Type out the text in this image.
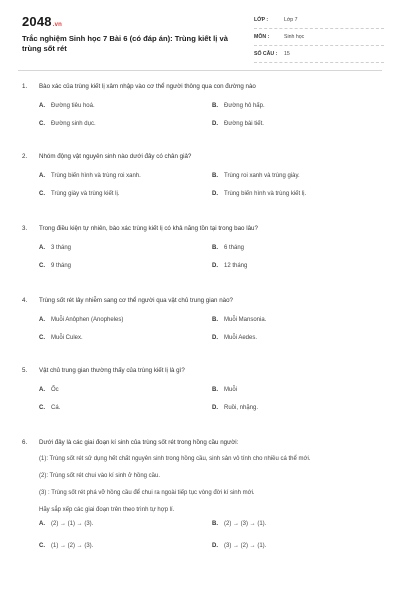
2048.vn
Trắc nghiệm Sinh học 7 Bài 6 (có đáp án): Trùng kiết lị và trùng sốt rét
LỚP :	Lớp 7
MÔN :	Sinh học
SỐ CÂU : 15
1.	Bào xác của trùng kiết lị xâm nhập vào cơ thể người thông qua con đường nào
A. Đường tiêu hoá.	B. Đường hô hấp.
C. Đường sinh dục.	D. Đường bài tiết.
2.	Nhóm động vật nguyên sinh nào dưới đây có chân giả?
A. Trùng biến hình và trùng roi xanh.	B. Trùng roi xanh và trùng giày.
C. Trùng giày và trùng kiết lị.	D. Trùng biến hình và trùng kiết lị.
3.	Trong điều kiện tự nhiên, bào xác trùng kiết lị có khả năng tồn tại trong bao lâu?
A. 3 tháng	B. 6 tháng
C. 9 tháng	D. 12 tháng
4.	Trùng sốt rét lây nhiễm sang cơ thể người qua vật chủ trung gian nào?
A. Muỗi Anôphen (Anopheles)	B. Muỗi Mansonia.
C. Muỗi Culex.	D. Muỗi Aedes.
5.	Vật chủ trung gian thường thấy của trùng kiết lị là gì?
A. Ốc	B. Muỗi
C. Cá.	D. Ruồi, nhặng.
6.	Dưới đây là các giai đoạn kí sinh của trùng sốt rét trong hồng cầu người:
(1): Trùng sốt rét sử dụng hết chất nguyên sinh trong hồng cầu, sinh sản vô tính cho nhiều cá thể mới.
(2): Trùng sốt rét chui vào kí sinh ở hồng cầu.
(3) : Trùng sốt rét phá vỡ hồng cầu để chui ra ngoài tiếp tục vòng đời kí sinh mới.
Hãy sắp xếp các giai đoạn trên theo trình tự hợp lí.
A. (2) → (1) → (3).	B. (2) → (3) → (1).
C. (1) → (2) → (3).	D. (3) → (2) → (1).
